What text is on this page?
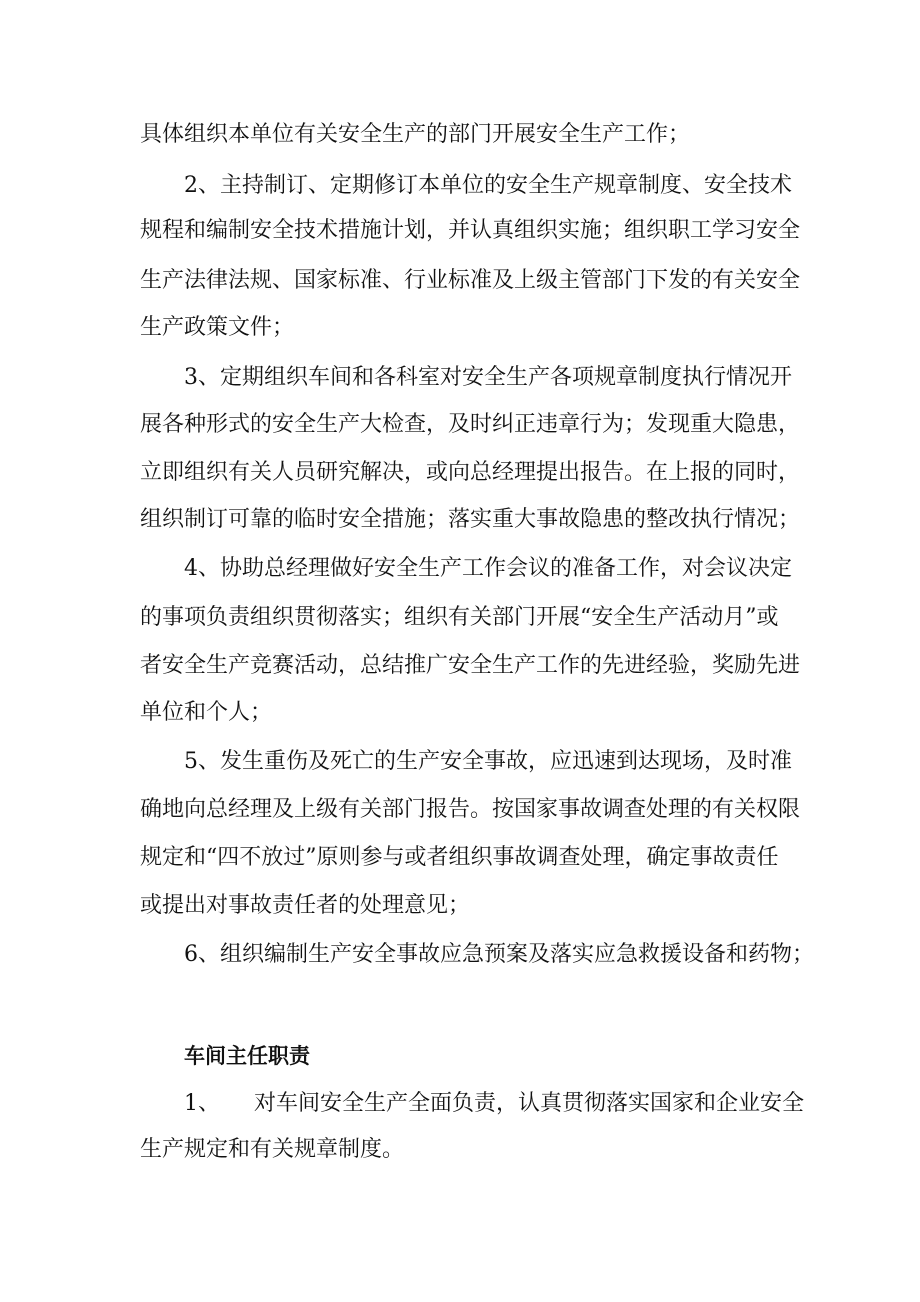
具体组织本单位有关安全生产的部门开展安全生产工作；
2、主持制订、定期修订本单位的安全生产规章制度、安全技术
规程和编制安全技术措施计划，并认真组织实施；组织职工学习安全
生产法律法规、国家标准、行业标准及上级主管部门下发的有关安全
生产政策文件；
3、定期组织车间和各科室对安全生产各项规章制度执行情况开
展各种形式的安全生产大检查，及时纠正违章行为；发现重大隐患，
立即组织有关人员研究解决，或向总经理提出报告。在上报的同时，
组织制订可靠的临时安全措施；落实重大事故隐患的整改执行情况；
4、协助总经理做好安全生产工作会议的准备工作，对会议决定
的事项负责组织贯彻落实；组织有关部门开展“安全生产活动月”或
者安全生产竞赛活动，总结推广安全生产工作的先进经验，奖励先进
单位和个人；
5、发生重伤及死亡的生产安全事故，应迅速到达现场，及时准
确地向总经理及上级有关部门报告。按国家事故调查处理的有关权限
规定和“四不放过”原则参与或者组织事故调查处理，确定事故责任
或提出对事故责任者的处理意见；
6、组织编制生产安全事故应急预案及落实应急救援设备和药物；
车间主任职责
1、 对车间安全生产全面负责，认真贯彻落实国家和企业安全
生产规定和有关规章制度。
